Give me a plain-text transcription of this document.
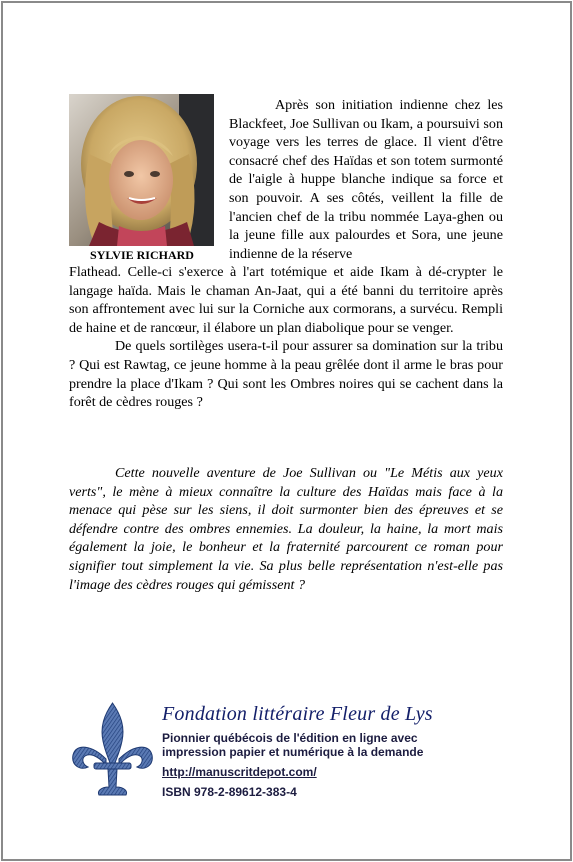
SYLVIE RICHARD

Après son initiation indienne chez les Blackfeet, Joe Sullivan ou Ikam, a poursuivi son voyage vers les terres de glace. Il vient d'être consacré chef des Haïdas et son totem surmonté de l'aigle à huppe blanche indique sa force et son pouvoir. A ses côtés, veillent la fille de l'ancien chef de la tribu nommée Laya-ghen ou la jeune fille aux palourdes et Sora, une jeune indienne de la réserve

Flathead. Celle-ci s'exerce à l'art totémique et aide Ikam à dé-crypter le langage haïda. Mais le chaman An-Jaat, qui a été banni du territoire après son affrontement avec lui sur la Corniche aux cormorans, a survécu. Rempli de haine et de rancœur, il élabore un plan diabolique pour se venger.

De quels sortilèges usera-t-il pour assurer sa domination sur la tribu ? Qui est Rawtag, ce jeune homme à la peau grêlée dont il arme le bras pour prendre la place d'Ikam ? Qui sont les Ombres noires qui se cachent dans la forêt de cèdres rouges ?

Cette nouvelle aventure de Joe Sullivan ou "Le Métis aux yeux verts", le mène à mieux connaître la culture des Haïdas mais face à la menace qui pèse sur les siens, il doit surmonter bien des épreuves et se défendre contre des ombres ennemies. La douleur, la haine, la mort mais également la joie, le bonheur et la fraternité parcourent ce roman pour signifier tout simplement la vie. Sa plus belle représentation n'est-elle pas l'image des cèdres rouges qui gémissent ?

Fondation littéraire Fleur de Lys
Pionnier québécois de l'édition en ligne avec impression papier et numérique à la demande
http://manuscritdepot.com/
ISBN 978-2-89612-383-4
